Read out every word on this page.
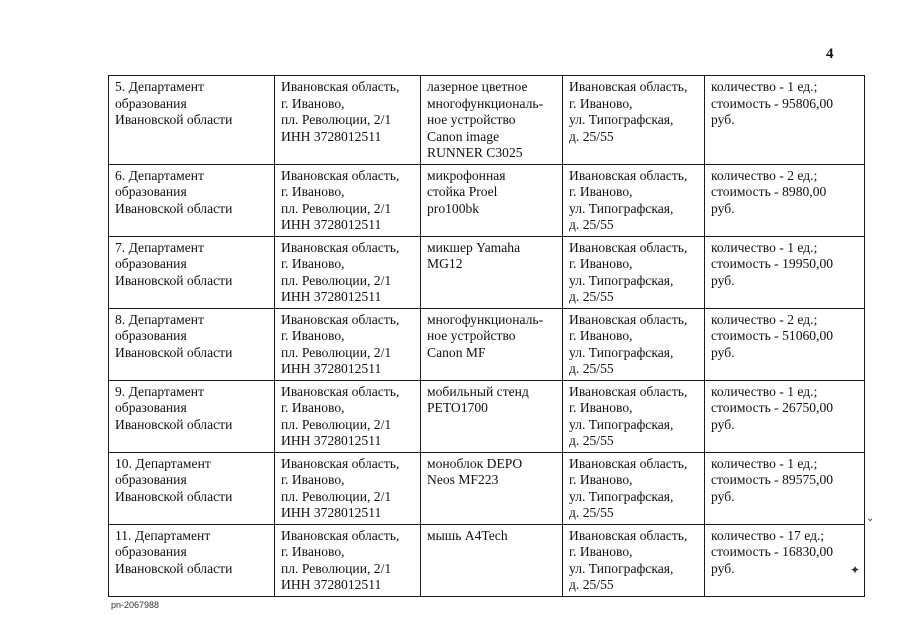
4
5. Департамент
образования
Ивановской области	Ивановская область,
г. Иваново,
пл. Революции, 2/1
ИНН 3728012511	лазерное цветное
многофункциональ-
ное устройство
Canon image
RUNNER C3025	Ивановская область,
г. Иваново,
ул. Типографская,
д. 25/55	количество - 1 ед.;
стоимость - 95806,00
руб.
6. Департамент
образования
Ивановской области	Ивановская область,
г. Иваново,
пл. Революции, 2/1
ИНН 3728012511	микрофонная
стойка Proel
pro100bk	Ивановская область,
г. Иваново,
ул. Типографская,
д. 25/55	количество - 2 ед.;
стоимость - 8980,00
руб.
7. Департамент
образования
Ивановской области	Ивановская область,
г. Иваново,
пл. Революции, 2/1
ИНН 3728012511	микшер Yamaha
MG12	Ивановская область,
г. Иваново,
ул. Типографская,
д. 25/55	количество - 1 ед.;
стоимость - 19950,00
руб.
8. Департамент
образования
Ивановской области	Ивановская область,
г. Иваново,
пл. Революции, 2/1
ИНН 3728012511	многофункциональ-
ное устройство
Canon MF	Ивановская область,
г. Иваново,
ул. Типографская,
д. 25/55	количество - 2 ед.;
стоимость - 51060,00
руб.
9. Департамент
образования
Ивановской области	Ивановская область,
г. Иваново,
пл. Революции, 2/1
ИНН 3728012511	мобильный стенд
PETO1700	Ивановская область,
г. Иваново,
ул. Типографская,
д. 25/55	количество - 1 ед.;
стоимость - 26750,00
руб.
10. Департамент
образования
Ивановской области	Ивановская область,
г. Иваново,
пл. Революции, 2/1
ИНН 3728012511	моноблок DEPO
Neos MF223	Ивановская область,
г. Иваново,
ул. Типографская,
д. 25/55	количество - 1 ед.;
стоимость - 89575,00
руб.
11. Департамент
образования
Ивановской области	Ивановская область,
г. Иваново,
пл. Революции, 2/1
ИНН 3728012511	мышь A4Tech	Ивановская область,
г. Иваново,
ул. Типографская,
д. 25/55	количество - 17 ед.;
стоимость - 16830,00
руб.
⌄
✦
pn-2067988
